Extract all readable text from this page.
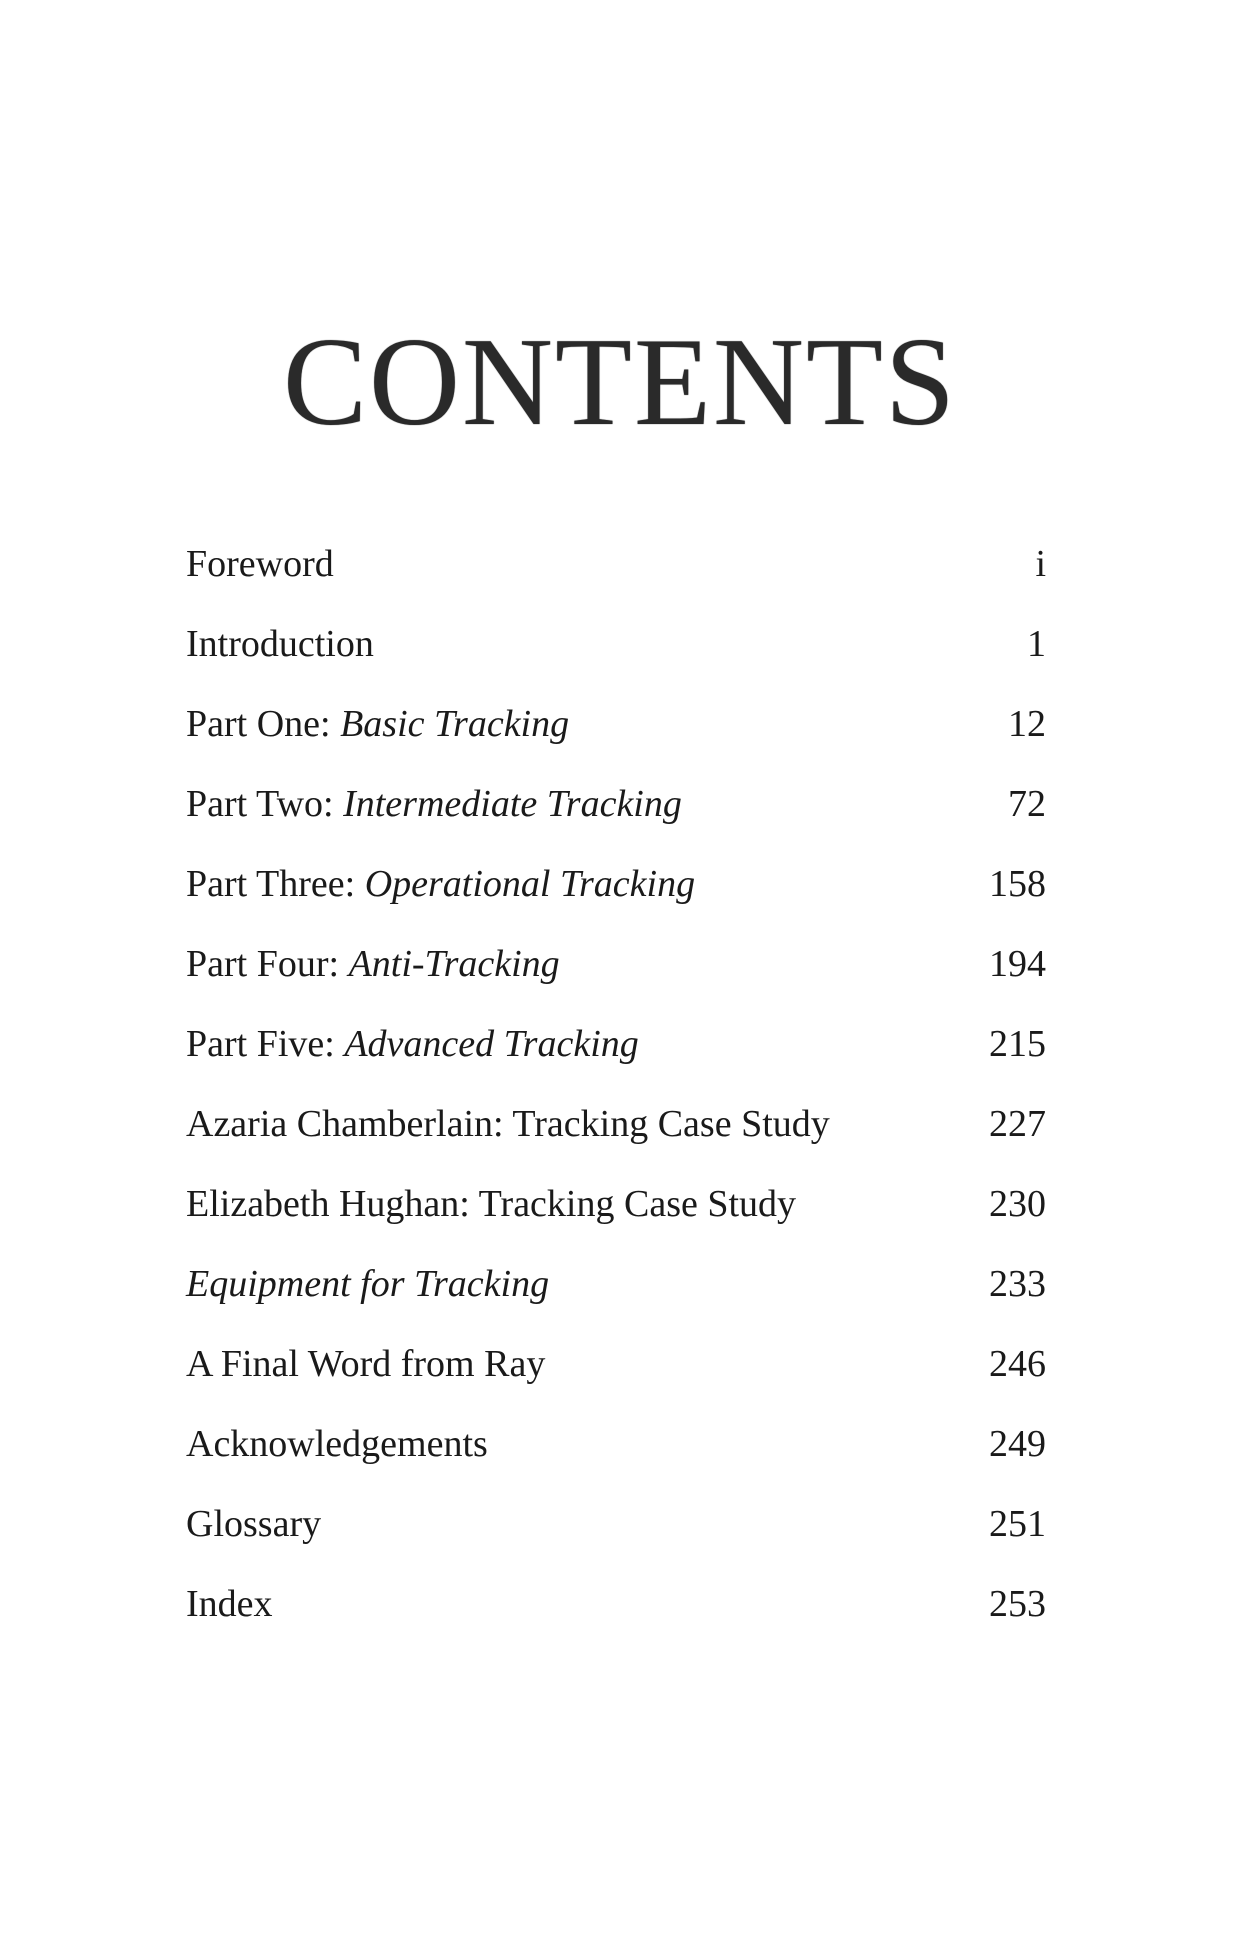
CONTENTS
Foreword	i
Introduction	1
Part One: Basic Tracking	12
Part Two: Intermediate Tracking	72
Part Three: Operational Tracking	158
Part Four: Anti-Tracking	194
Part Five: Advanced Tracking	215
Azaria Chamberlain: Tracking Case Study	227
Elizabeth Hughan: Tracking Case Study	230
Equipment for Tracking	233
A Final Word from Ray	246
Acknowledgements	249
Glossary	251
Index	253
